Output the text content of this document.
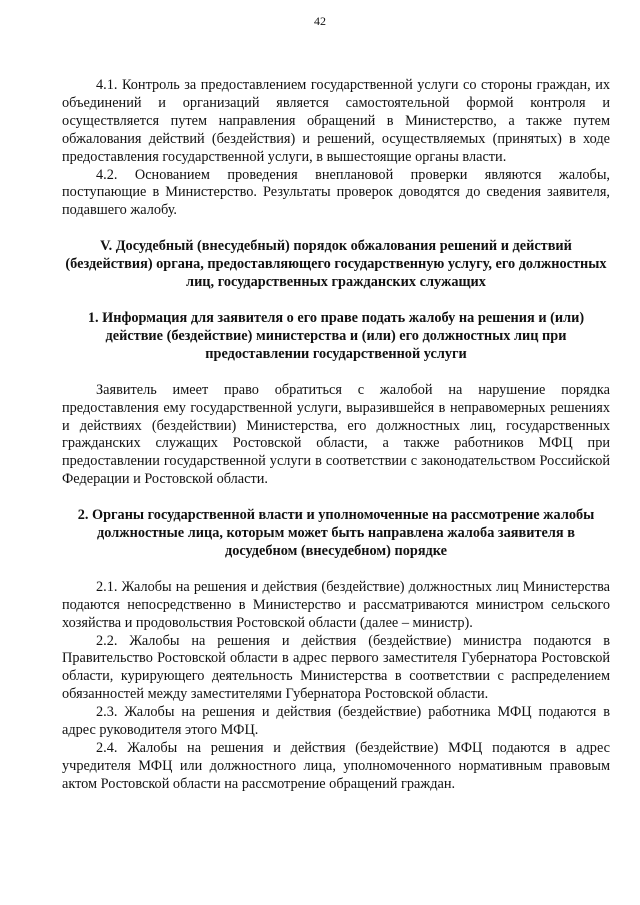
42

4.1. Контроль за предоставлением государственной услуги со стороны граждан, их объединений и организаций является самостоятельной формой контроля и осуществляется путем направления обращений в Министерство, а также путем обжалования действий (бездействия) и решений, осуществляемых (принятых) в ходе предоставления государственной услуги, в вышестоящие органы власти.

4.2. Основанием проведения внеплановой проверки являются жалобы, поступающие в Министерство. Результаты проверок доводятся до сведения заявителя, подавшего жалобу.

V. Досудебный (внесудебный) порядок обжалования решений и действий (бездействия) органа, предоставляющего государственную услугу, его должностных лиц, государственных гражданских служащих
1. Информация для заявителя о его праве подать жалобу на решения и (или) действие (бездействие) министерства и (или) его должностных лиц при предоставлении государственной услуги

Заявитель имеет право обратиться с жалобой на нарушение порядка предоставления ему государственной услуги, выразившейся в неправомерных решениях и действиях (бездействии) Министерства, его должностных лиц, государственных гражданских служащих Ростовской области, а также работников МФЦ при предоставлении государственной услуги в соответствии с законодательством Российской Федерации и Ростовской области.

2. Органы государственной власти и уполномоченные на рассмотрение жалобы должностные лица, которым может быть направлена жалоба заявителя в досудебном (внесудебном) порядке

2.1. Жалобы на решения и действия (бездействие) должностных лиц Министерства подаются непосредственно в Министерство и рассматриваются министром сельского хозяйства и продовольствия Ростовской области (далее – министр).

2.2. Жалобы на решения и действия (бездействие) министра подаются в Правительство Ростовской области в адрес первого заместителя Губернатора Ростовской области, курирующего деятельность Министерства в соответствии с распределением обязанностей между заместителями Губернатора Ростовской области.

2.3. Жалобы на решения и действия (бездействие) работника МФЦ подаются в адрес руководителя этого МФЦ.

2.4. Жалобы на решения и действия (бездействие) МФЦ подаются в адрес учредителя МФЦ или должностного лица, уполномоченного нормативным правовым актом Ростовской области на рассмотрение обращений граждан.
